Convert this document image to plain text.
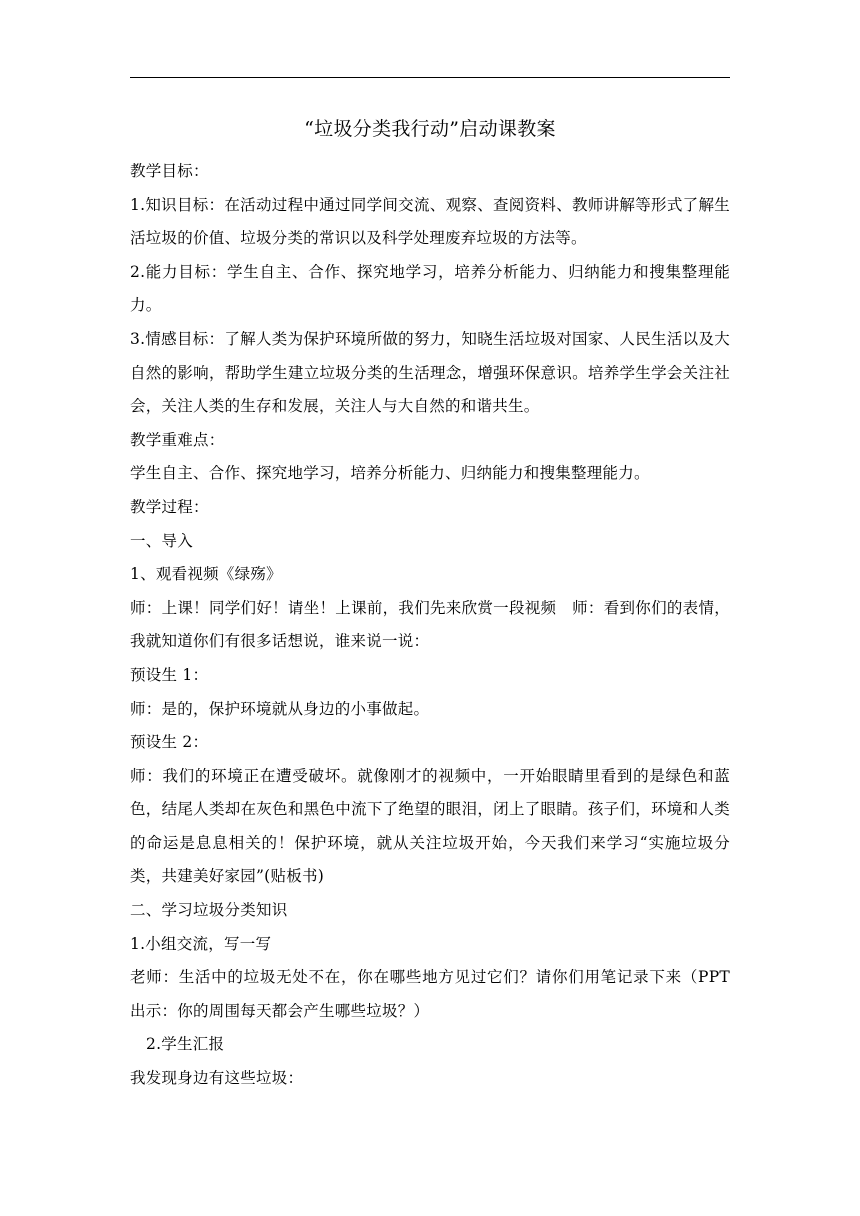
“垃圾分类我行动”启动课教案

教学目标：

1.知识目标：在活动过程中通过同学间交流、观察、查阅资料、教师讲解等形式了解生活垃圾的价值、垃圾分类的常识以及科学处理废弃垃圾的方法等。

2.能力目标：学生自主、合作、探究地学习，培养分析能力、归纳能力和搜集整理能力。

3.情感目标：了解人类为保护环境所做的努力，知晓生活垃圾对国家、人民生活以及大自然的影响，帮助学生建立垃圾分类的生活理念，增强环保意识。培养学生学会关注社会，关注人类的生存和发展，关注人与大自然的和谐共生。

教学重难点：

学生自主、合作、探究地学习，培养分析能力、归纳能力和搜集整理能力。

教学过程：

一、导入

1、观看视频《绿殇》

师：上课！同学们好！请坐！上课前，我们先来欣赏一段视频　师：看到你们的表情，我就知道你们有很多话想说，谁来说一说：

预设生 1：

师：是的，保护环境就从身边的小事做起。

预设生 2：

师：我们的环境正在遭受破坏。就像刚才的视频中，一开始眼睛里看到的是绿色和蓝色，结尾人类却在灰色和黑色中流下了绝望的眼泪，闭上了眼睛。孩子们，环境和人类的命运是息息相关的！保护环境，就从关注垃圾开始，今天我们来学习“实施垃圾分类，共建美好家园”(贴板书)

二、学习垃圾分类知识

1.小组交流，写一写

老师：生活中的垃圾无处不在，你在哪些地方见过它们？请你们用笔记录下来（PPT 出示：你的周围每天都会产生哪些垃圾？）

2.学生汇报

我发现身边有这些垃圾：
